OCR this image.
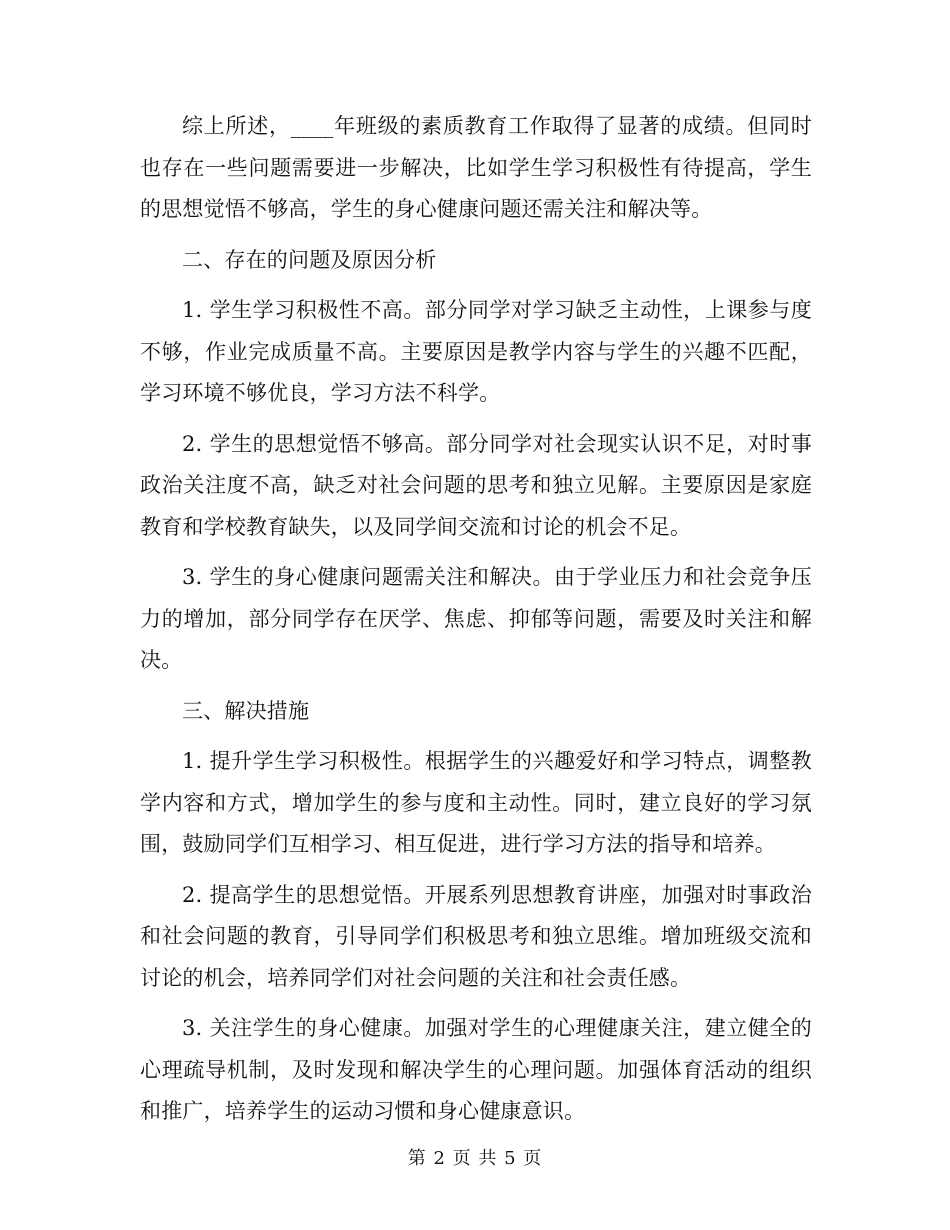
综上所述，____年班级的素质教育工作取得了显著的成绩。但同时也存在一些问题需要进一步解决，比如学生学习积极性有待提高，学生的思想觉悟不够高，学生的身心健康问题还需关注和解决等。

二、存在的问题及原因分析

1. 学生学习积极性不高。部分同学对学习缺乏主动性，上课参与度不够，作业完成质量不高。主要原因是教学内容与学生的兴趣不匹配，学习环境不够优良，学习方法不科学。

2. 学生的思想觉悟不够高。部分同学对社会现实认识不足，对时事政治关注度不高，缺乏对社会问题的思考和独立见解。主要原因是家庭教育和学校教育缺失，以及同学间交流和讨论的机会不足。

3. 学生的身心健康问题需关注和解决。由于学业压力和社会竞争压力的增加，部分同学存在厌学、焦虑、抑郁等问题，需要及时关注和解决。

三、解决措施

1. 提升学生学习积极性。根据学生的兴趣爱好和学习特点，调整教学内容和方式，增加学生的参与度和主动性。同时，建立良好的学习氛围，鼓励同学们互相学习、相互促进，进行学习方法的指导和培养。

2. 提高学生的思想觉悟。开展系列思想教育讲座，加强对时事政治和社会问题的教育，引导同学们积极思考和独立思维。增加班级交流和讨论的机会，培养同学们对社会问题的关注和社会责任感。

3. 关注学生的身心健康。加强对学生的心理健康关注，建立健全的心理疏导机制，及时发现和解决学生的心理问题。加强体育活动的组织和推广，培养学生的运动习惯和身心健康意识。

第 2 页 共 5 页
